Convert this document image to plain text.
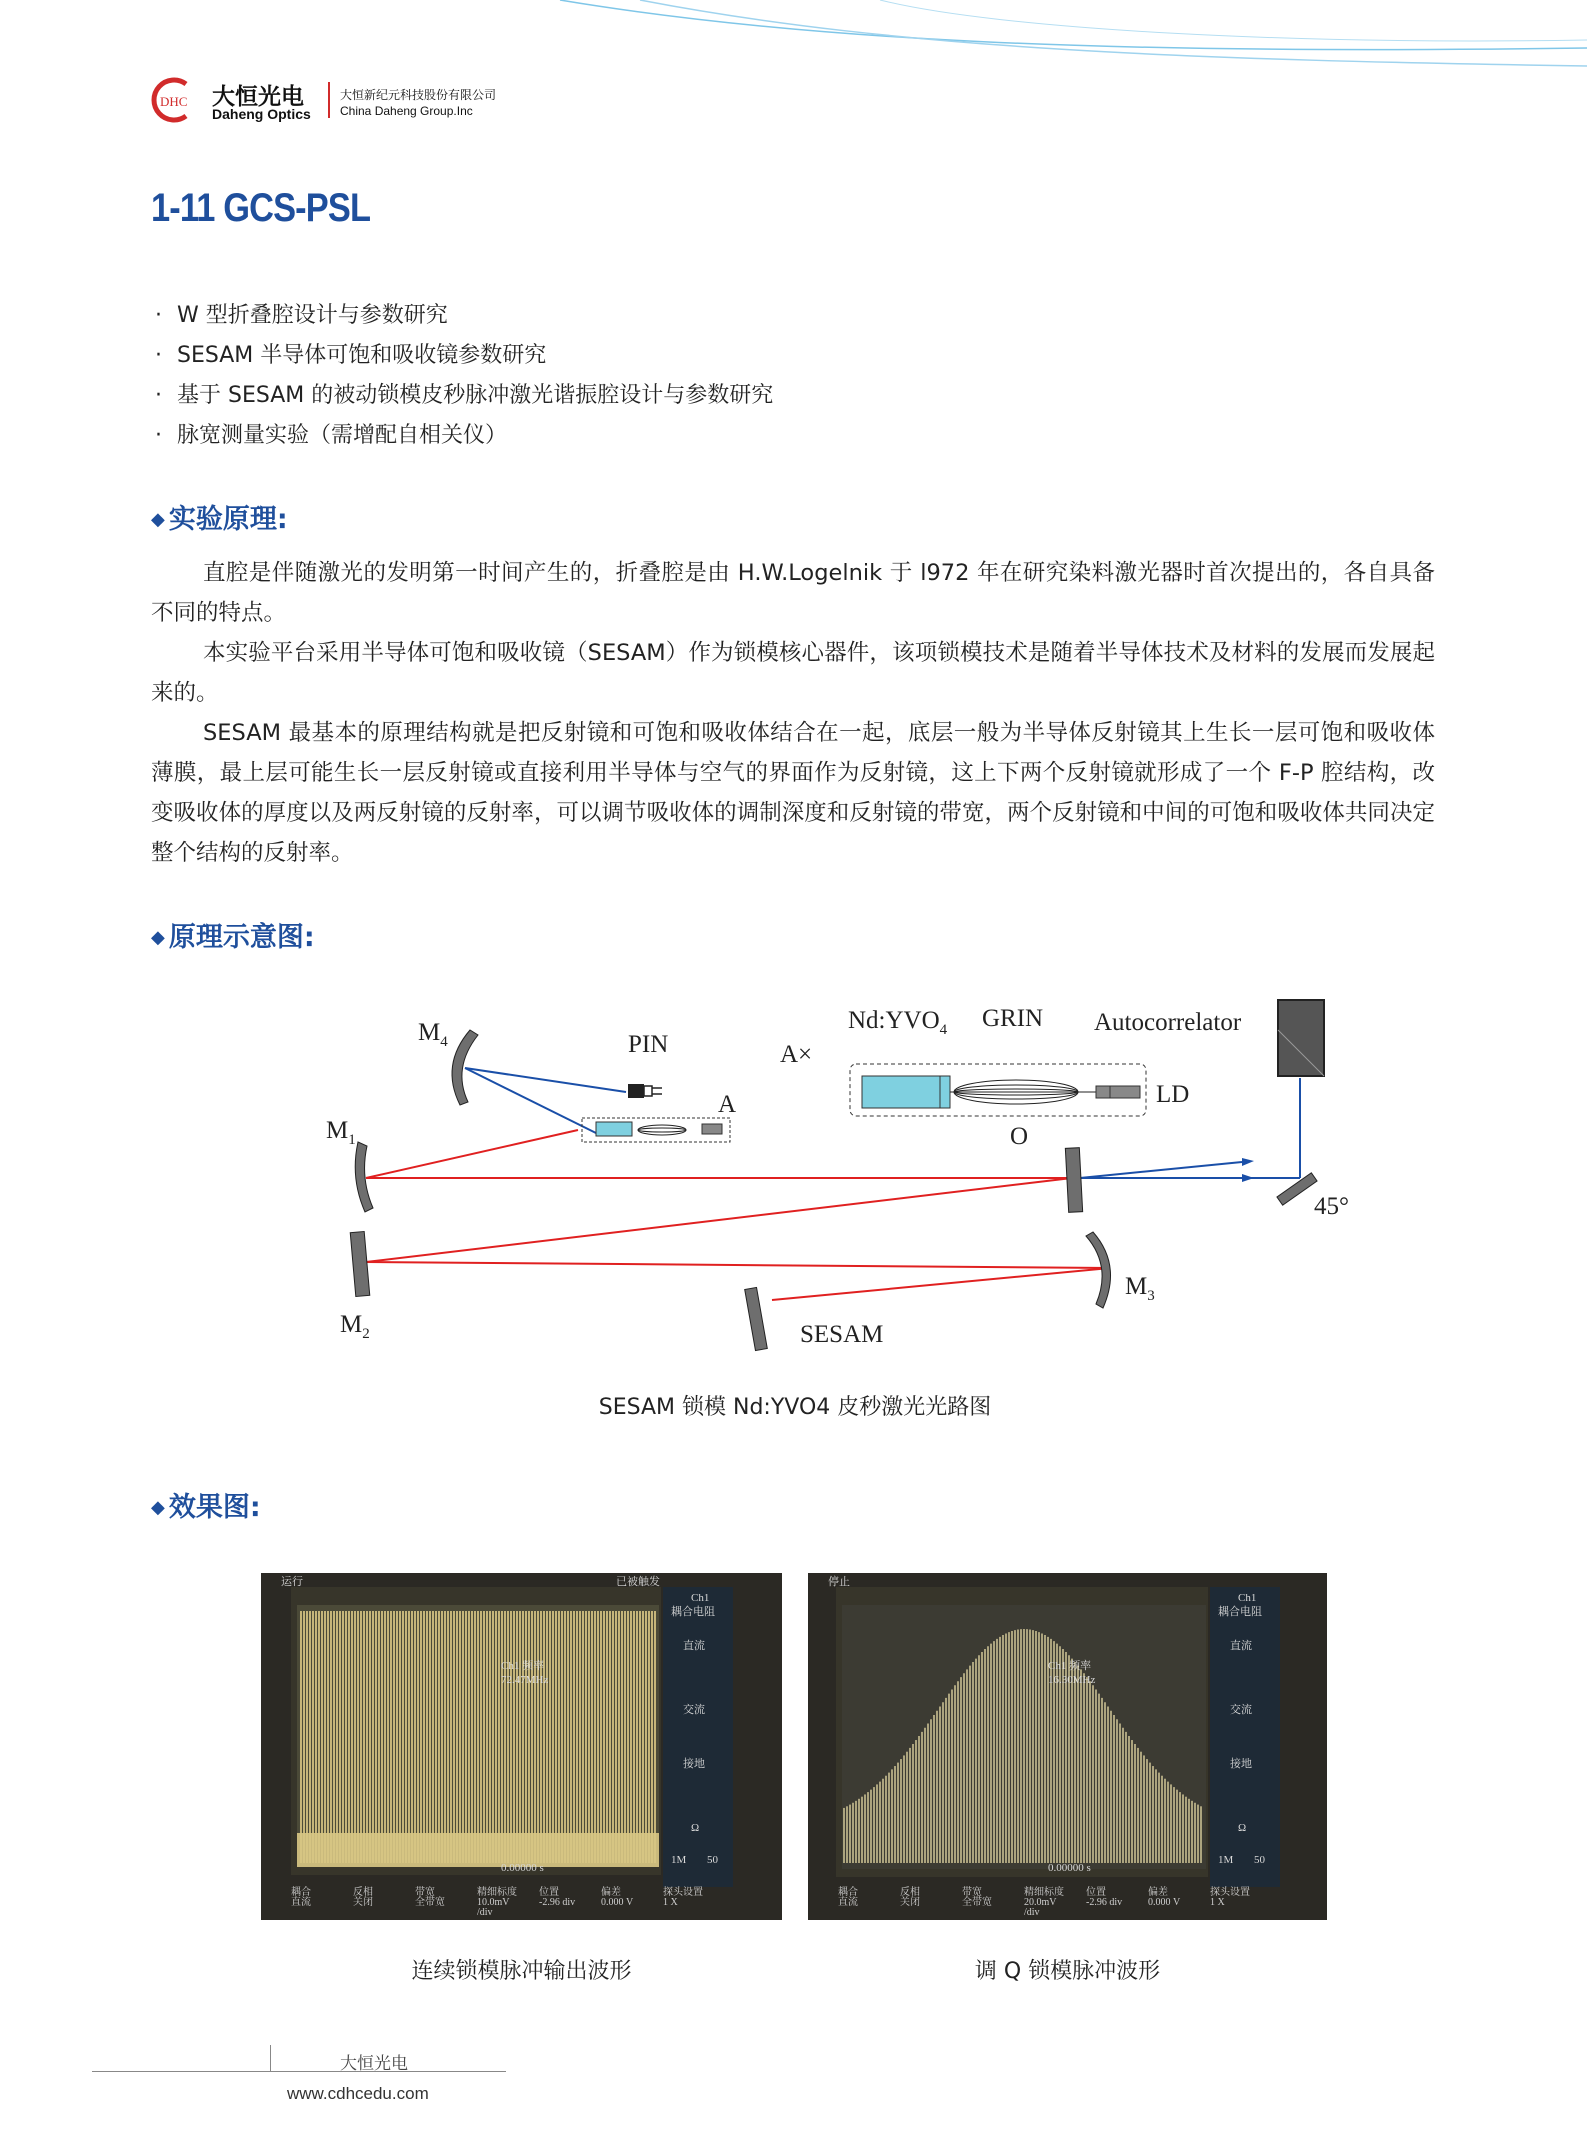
DHC 大恒光电
Daheng Optics
大恒新纪元科技股份有限公司
China Daheng Group.Inc
1-11 GCS-PSL
· W 型折叠腔设计与参数研究
· SESAM 半导体可饱和吸收镜参数研究
· 基于 SESAM 的被动锁模皮秒脉冲激光谐振腔设计与参数研究
· 脉宽测量实验（需增配自相关仪）
◆ 实验原理:

直腔是伴随激光的发明第一时间产生的，折叠腔是由 H.W.Logelnik 于 l972 年在研究染料激光器时首次提出的，各自具备不同的特点。

本实验平台采用半导体可饱和吸收镜（SESAM）作为锁模核心器件，该项锁模技术是随着半导体技术及材料的发展而发展起来的。

SESAM 最基本的原理结构就是把反射镜和可饱和吸收体结合在一起，底层一般为半导体反射镜其上生长一层可饱和吸收体薄膜，最上层可能生长一层反射镜或直接利用半导体与空气的界面作为反射镜，这上下两个反射镜就形成了一个 F-P 腔结构，改变吸收体的厚度以及两反射镜的反射率，可以调节吸收体的调制深度和反射镜的带宽，两个反射镜和中间的可饱和吸收体共同决定整个结构的反射率。

◆ 原理示意图:
$M_4$
$M_1$
$M_2$
$M_3$
PIN
A
A×
$Nd:YVO_4$ GRIN Autocorrelator
LD
O
45°
SESAM
SESAM 锁模 Nd:YVO4 皮秒激光光路图
◆ 效果图:
运行	已被触发
Ch1
耦合电阻
直流
交流
接地
Ω
1M 50
0.00000 s
耦合直流
反相关闭
带宽全带宽
精细标度 10.0mV /div
位置-2.96 div
偏差 0.000 V
探头设置 1 X
Ch1 频率 72.47MHz
停止
Ch1
耦合电阻
直流
交流
接地
Ω
1M 50
Ch1 频率
16.30MHz
0.00000 s
耦合直流
反相关闭
带宽全带宽
精细标度 20.0mV /div
位置-2.96 div
偏差 0.000 V
探头设置 1 X
连续锁模脉冲输出波形	调 Q 锁模脉冲波形
大恒光电
www.cdhcedu.com
